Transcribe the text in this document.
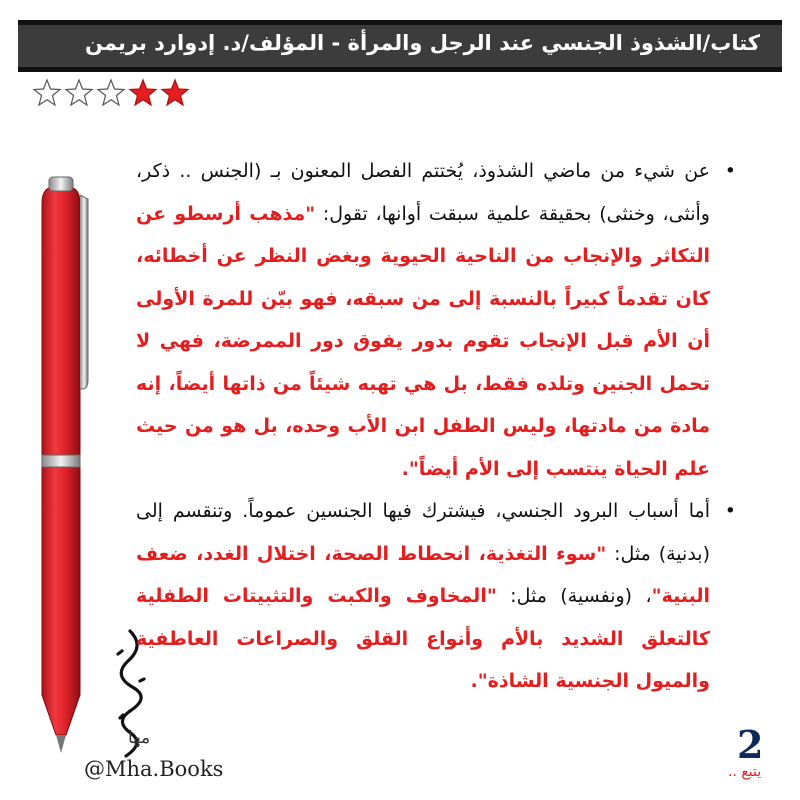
كتاب/الشذوذ الجنسي عند الرجل والمرأة - المؤلف/د. إدوارد بريمن

•
عن شيء من ماضي الشذوذ، يُختتم الفصل المعنون بـ (الجنس .. ذكر، وأنثى، وخنثى) بحقيقة علمية سبقت أوانها، تقول: "مذهب أرسطو عن التكاثر والإنجاب من الناحية الحيوية وبغض النظر عن أخطائه، كان تقدماً كبيراً بالنسبة إلى من سبقه، فهو بيّن للمرة الأولى أن الأم قبل الإنجاب تقوم بدور يفوق دور الممرضة، فهي لا تحمل الجنين وتلده فقط، بل هي تهبه شيئاً من ذاتها أيضاً، إنه مادة من مادتها، وليس الطفل ابن الأب وحده، بل هو من حيث علم الحياة ينتسب إلى الأم أيضاً".

•
أما أسباب البرود الجنسي، فيشترك فيها الجنسين عموماً. وتنقسم إلى (بدنية) مثل: "سوء التغذية، انحطاط الصحة، اختلال الغدد، ضعف البنية"، (ونفسية) مثل: "المخاوف والكبت والتثبيتات الطفلية كالتعلق الشديد بالأم وأنواع القلق والصراعات العاطفية والميول الجنسية الشاذة".

مها
@Mha.Books
2
يتبع ..
